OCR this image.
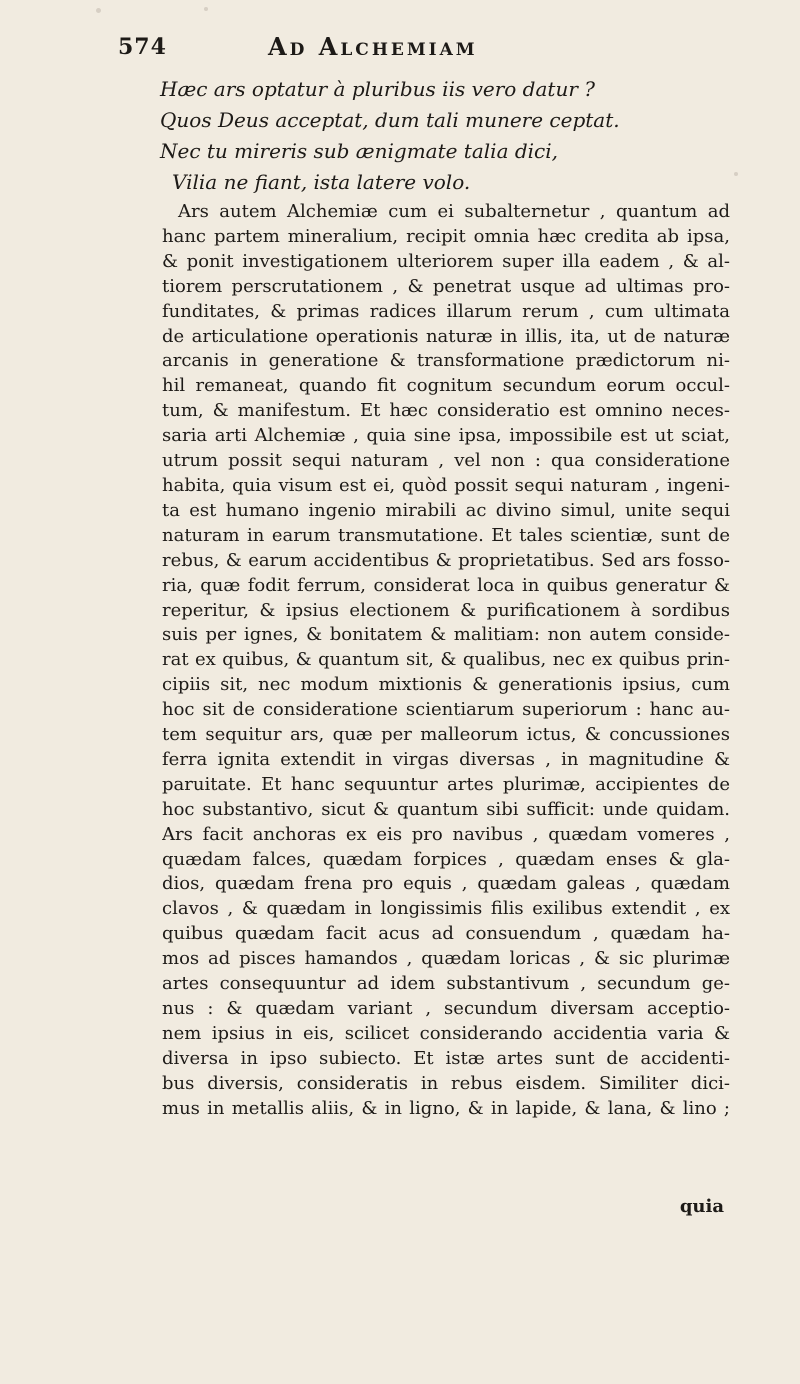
574	Ad Alchemiam
Hæc ars optatur à pluribus iis vero datur ?
Quos Deus acceptat, dum tali munere ceptat.
Nec tu mireris sub ænigmate talia dici,
Vilia ne fiant, ista latere volo.
Ars autem Alchemiæ cum ei subalternetur , quantum ad
hanc partem mineralium, recipit omnia hæc credita ab ipsa,
& ponit investigationem ulteriorem super illa eadem , & al-
tiorem perscrutationem , & penetrat usque ad ultimas pro-
funditates, & primas radices illarum rerum , cum ultimata
de articulatione operationis naturæ in illis, ita, ut de naturæ
arcanis in generatione & transformatione prædictorum ni-
hil remaneat, quando fit cognitum secundum eorum occul-
tum, & manifestum. Et hæc consideratio est omnino neces-
saria arti Alchemiæ , quia sine ipsa, impossibile est ut sciat,
utrum possit sequi naturam , vel non : qua consideratione
habita, quia visum est ei, quòd possit sequi naturam , ingeni-
ta est humano ingenio mirabili ac divino simul, unite sequi
naturam in earum transmutatione. Et tales scientiæ, sunt de
rebus, & earum accidentibus & proprietatibus. Sed ars fosso-
ria, quæ fodit ferrum, considerat loca in quibus generatur &
reperitur, & ipsius electionem & purificationem à sordibus
suis per ignes, & bonitatem & malitiam: non autem conside-
rat ex quibus, & quantum sit, & qualibus, nec ex quibus prin-
cipiis sit, nec modum mixtionis & generationis ipsius, cum
hoc sit de consideratione scientiarum superiorum : hanc au-
tem sequitur ars, quæ per malleorum ictus, & concussiones
ferra ignita extendit in virgas diversas , in magnitudine &
paruitate. Et hanc sequuntur artes plurimæ, accipientes de
hoc substantivo, sicut & quantum sibi sufficit: unde quidam.
Ars facit anchoras ex eis pro navibus , quædam vomeres ,
quædam falces, quædam forpices , quædam enses & gla-
dios, quædam frena pro equis , quædam galeas , quædam
clavos , & quædam in longissimis filis exilibus extendit , ex
quibus quædam facit acus ad consuendum , quædam ha-
mos ad pisces hamandos , quædam loricas , & sic plurimæ
artes consequuntur ad idem substantivum , secundum ge-
nus : & quædam variant , secundum diversam acceptio-
nem ipsius in eis, scilicet considerando accidentia varia &
diversa in ipso subiecto. Et istæ artes sunt de accidenti-
bus diversis, consideratis in rebus eisdem. Similiter dici-
mus in metallis aliis, & in ligno, & in lapide, & lana, & lino ;
quia
